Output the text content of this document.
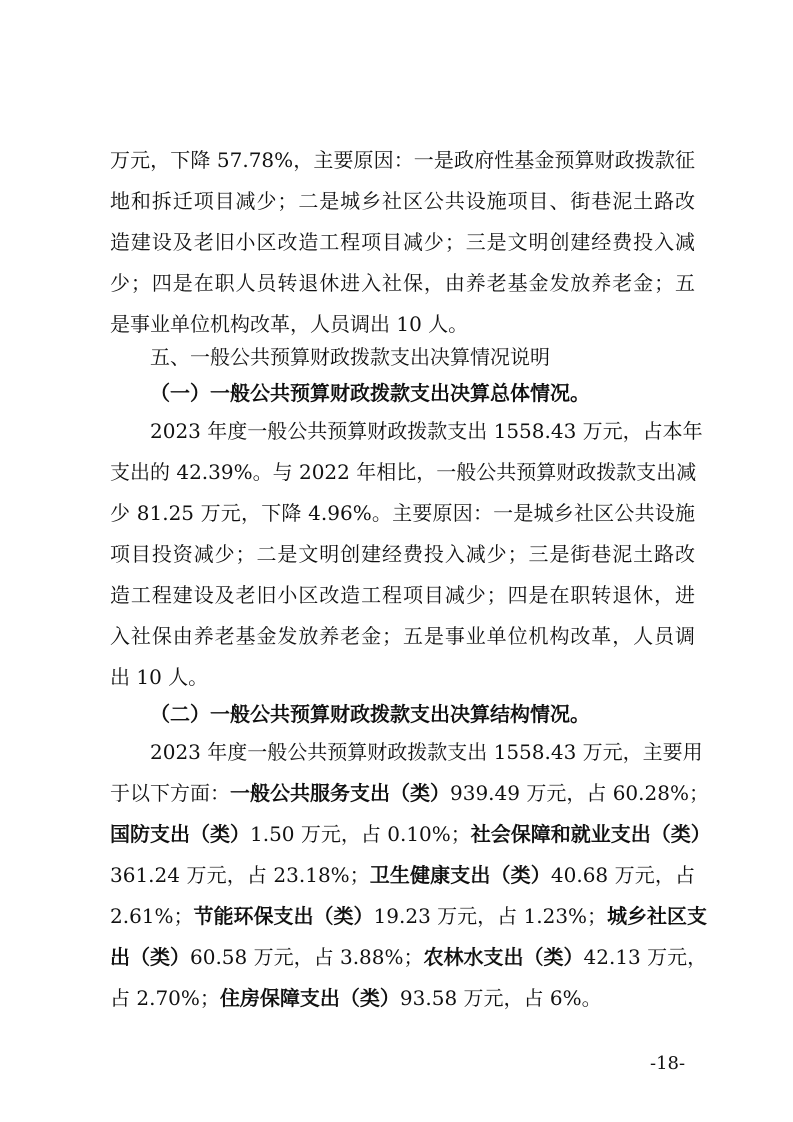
万元，下降 57.78%，主要原因：一是政府性基金预算财政拨款征
地和拆迁项目减少；二是城乡社区公共设施项目、街巷泥土路改
造建设及老旧小区改造工程项目减少；三是文明创建经费投入减
少；四是在职人员转退休进入社保，由养老基金发放养老金；五
是事业单位机构改革，人员调出 10 人。
五、一般公共预算财政拨款支出决算情况说明
（一）一般公共预算财政拨款支出决算总体情况。
2023 年度一般公共预算财政拨款支出 1558.43 万元，占本年
支出的 42.39%。与 2022 年相比，一般公共预算财政拨款支出减
少 81.25 万元，下降 4.96%。主要原因：一是城乡社区公共设施
项目投资减少；二是文明创建经费投入减少；三是街巷泥土路改
造工程建设及老旧小区改造工程项目减少；四是在职转退休，进
入社保由养老基金发放养老金；五是事业单位机构改革，人员调
出 10 人。
（二）一般公共预算财政拨款支出决算结构情况。
2023 年度一般公共预算财政拨款支出 1558.43 万元，主要用
于以下方面：一般公共服务支出（类）939.49 万元，占 60.28%；
国防支出（类）1.50 万元，占 0.10%；社会保障和就业支出（类）
361.24 万元，占 23.18%；卫生健康支出（类）40.68 万元，占
2.61%；节能环保支出（类）19.23 万元，占 1.23%；城乡社区支
出（类）60.58 万元，占 3.88%；农林水支出（类）42.13 万元，
占 2.70%；住房保障支出（类）93.58 万元，占 6%。
-18-
